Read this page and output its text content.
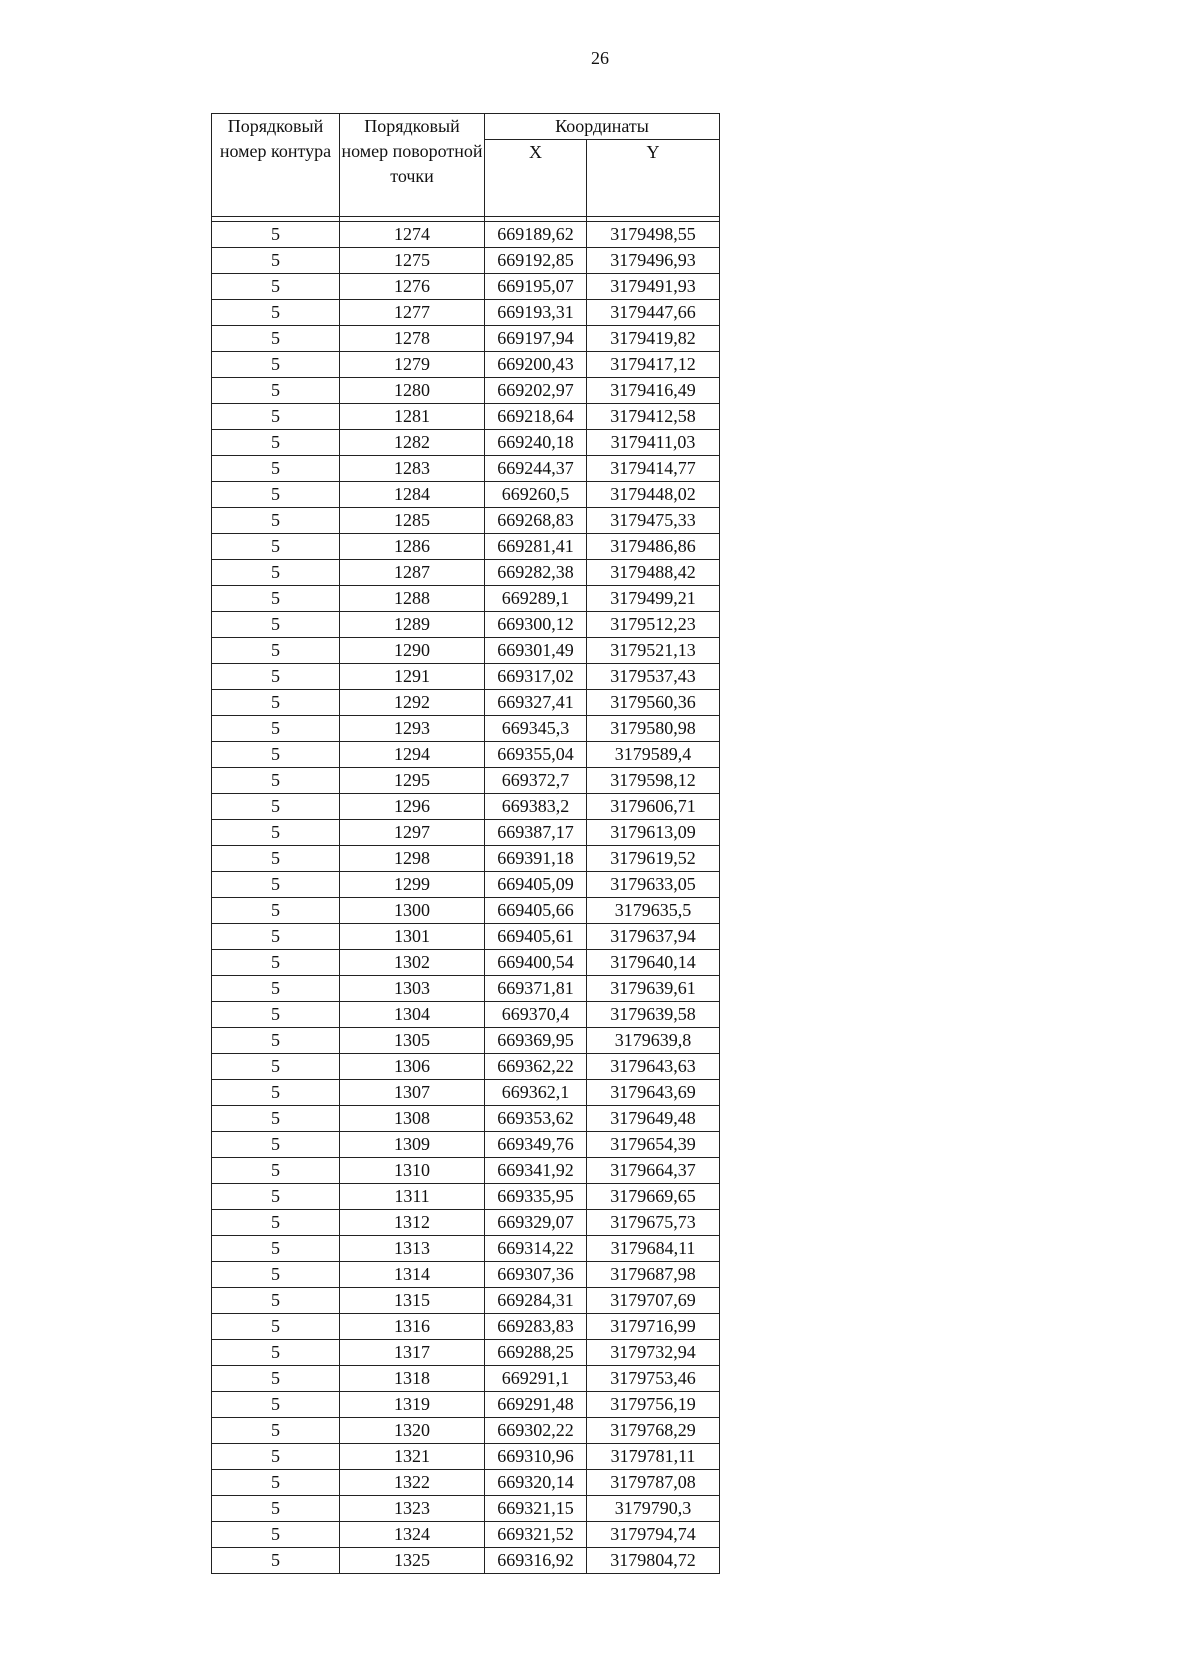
26
Порядковый номер контура	Порядковый номер поворотной точки	Координаты	
		X	Y

5	1274	669189,62	3179498,55
5	1275	669192,85	3179496,93
5	1276	669195,07	3179491,93
5	1277	669193,31	3179447,66
5	1278	669197,94	3179419,82
5	1279	669200,43	3179417,12
5	1280	669202,97	3179416,49
5	1281	669218,64	3179412,58
5	1282	669240,18	3179411,03
5	1283	669244,37	3179414,77
5	1284	669260,5	3179448,02
5	1285	669268,83	3179475,33
5	1286	669281,41	3179486,86
5	1287	669282,38	3179488,42
5	1288	669289,1	3179499,21
5	1289	669300,12	3179512,23
5	1290	669301,49	3179521,13
5	1291	669317,02	3179537,43
5	1292	669327,41	3179560,36
5	1293	669345,3	3179580,98
5	1294	669355,04	3179589,4
5	1295	669372,7	3179598,12
5	1296	669383,2	3179606,71
5	1297	669387,17	3179613,09
5	1298	669391,18	3179619,52
5	1299	669405,09	3179633,05
5	1300	669405,66	3179635,5
5	1301	669405,61	3179637,94
5	1302	669400,54	3179640,14
5	1303	669371,81	3179639,61
5	1304	669370,4	3179639,58
5	1305	669369,95	3179639,8
5	1306	669362,22	3179643,63
5	1307	669362,1	3179643,69
5	1308	669353,62	3179649,48
5	1309	669349,76	3179654,39
5	1310	669341,92	3179664,37
5	1311	669335,95	3179669,65
5	1312	669329,07	3179675,73
5	1313	669314,22	3179684,11
5	1314	669307,36	3179687,98
5	1315	669284,31	3179707,69
5	1316	669283,83	3179716,99
5	1317	669288,25	3179732,94
5	1318	669291,1	3179753,46
5	1319	669291,48	3179756,19
5	1320	669302,22	3179768,29
5	1321	669310,96	3179781,11
5	1322	669320,14	3179787,08
5	1323	669321,15	3179790,3
5	1324	669321,52	3179794,74
5	1325	669316,92	3179804,72
